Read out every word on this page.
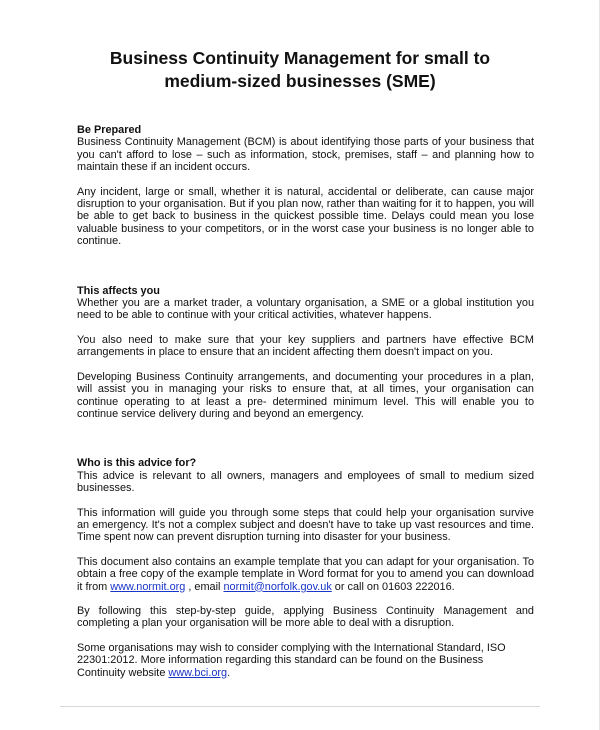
Business Continuity Management for small to
medium-sized businesses (SME)

Be Prepared

Business Continuity Management (BCM) is about identifying those parts of your business that you can't afford to lose – such as information, stock, premises, staff – and planning how to maintain these if an incident occurs.

Any incident, large or small, whether it is natural, accidental or deliberate, can cause major disruption to your organisation. But if you plan now, rather than waiting for it to happen, you will be able to get back to business in the quickest possible time. Delays could mean you lose valuable business to your competitors, or in the worst case your business is no longer able to continue.

This affects you

Whether you are a market trader, a voluntary organisation, a SME or a global institution you need to be able to continue with your critical activities, whatever happens.

You also need to make sure that your key suppliers and partners have effective BCM arrangements in place to ensure that an incident affecting them doesn't impact on you.

Developing Business Continuity arrangements, and documenting your procedures in a plan, will assist you in managing your risks to ensure that, at all times, your organisation can continue operating to at least a pre- determined minimum level. This will enable you to continue service delivery during and beyond an emergency.

Who is this advice for?

This advice is relevant to all owners, managers and employees of small to medium sized businesses.

This information will guide you through some steps that could help your organisation survive an emergency. It's not a complex subject and doesn't have to take up vast resources and time. Time spent now can prevent disruption turning into disaster for your business.

This document also contains an example template that you can adapt for your organisation. To obtain a free copy of the example template in Word format for you to amend you can download it from www.normit.org , email normit@norfolk.gov.uk or call on 01603 222016.

By following this step-by-step guide, applying Business Continuity Management and completing a plan your organisation will be more able to deal with a disruption.

Some organisations may wish to consider complying with the International Standard, ISO 22301:2012. More information regarding this standard can be found on the Business Continuity website www.bci.org.
